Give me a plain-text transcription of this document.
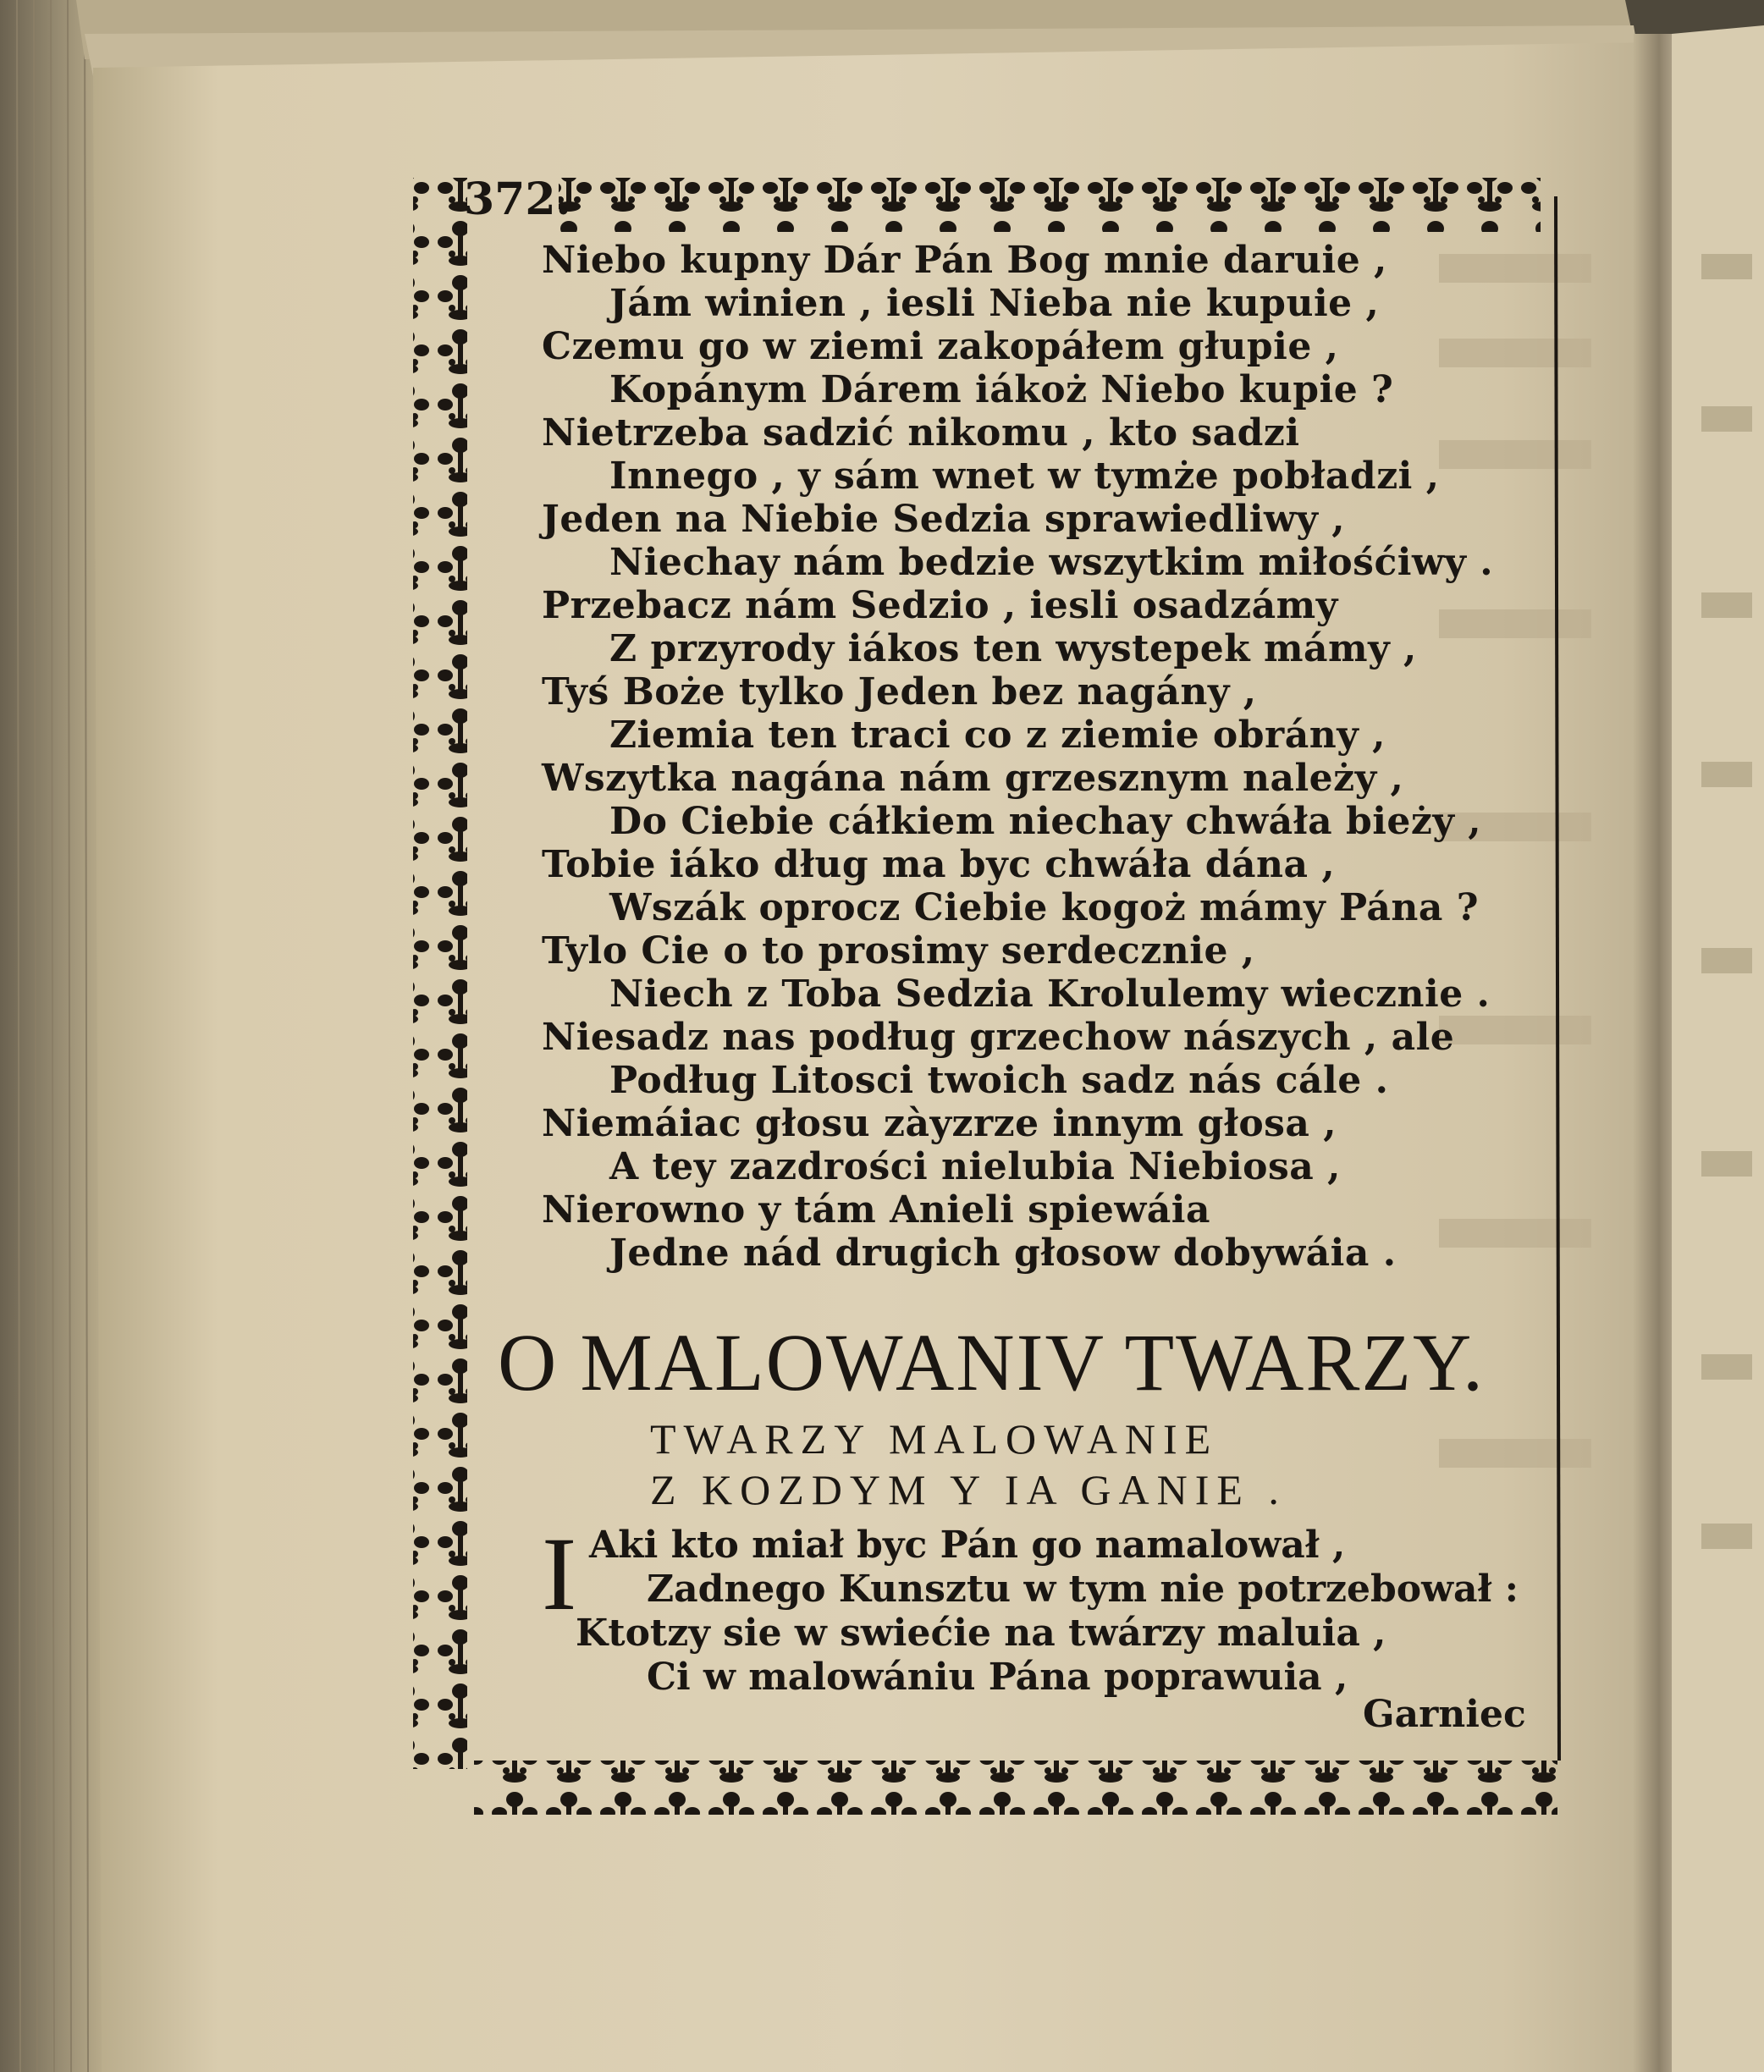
372.
Niebo kupny Dár Pán Bog mnie daruie ,
Jám winien , iesli Nieba nie kupuie ,
Czemu go w ziemi zakopáłem głupie ,
Kopánym Dárem iákoż Niebo kupie ?
Nietrzeba sadzić nikomu , kto sadzi
Innego , y sám wnet w tymże pobładzi ,
Jeden na Niebie Sedzia sprawiedliwy ,
Niechay nám bedzie wszytkim miłośćiwy .
Przebacz nám Sedzio , iesli osadzámy
Z przyrody iákos ten wystepek mámy ,
Tyś Boże tylko Jeden bez nagány ,
Ziemia ten traci co z ziemie obrány ,
Wszytka nagána nám grzesznym należy ,
Do Ciebie cáłkiem niechay chwáła bieży ,
Tobie iáko dług ma byc chwáła dána ,
Wszák oprocz Ciebie kogoż mámy Pána ?
Tylo Cie o to prosimy serdecznie ,
Niech z Toba Sedzia Krolulemy wiecznie .
Niesadz nas podług grzechow nászych , ale
Podług Litosci twoich sadz nás cále .
Niemáiac głosu zàyzrze innym głosa ,
A tey zazdrości nielubia Niebiosa ,
Nierowno y tám Anieli spiewáia
Jedne nád drugich głosow dobywáia .
O MALOWANIV TWARZY.
TWARZY MALOWANIE
Z KOZDYM Y IA GANIE .
I Aki kto miał byc Pán go namalował ,
Zadnego Kunsztu w tym nie potrzebował :
Ktotzy sie w swiećie na twárzy maluia ,
Ci w malowániu Pána poprawuia ,
Garniec
